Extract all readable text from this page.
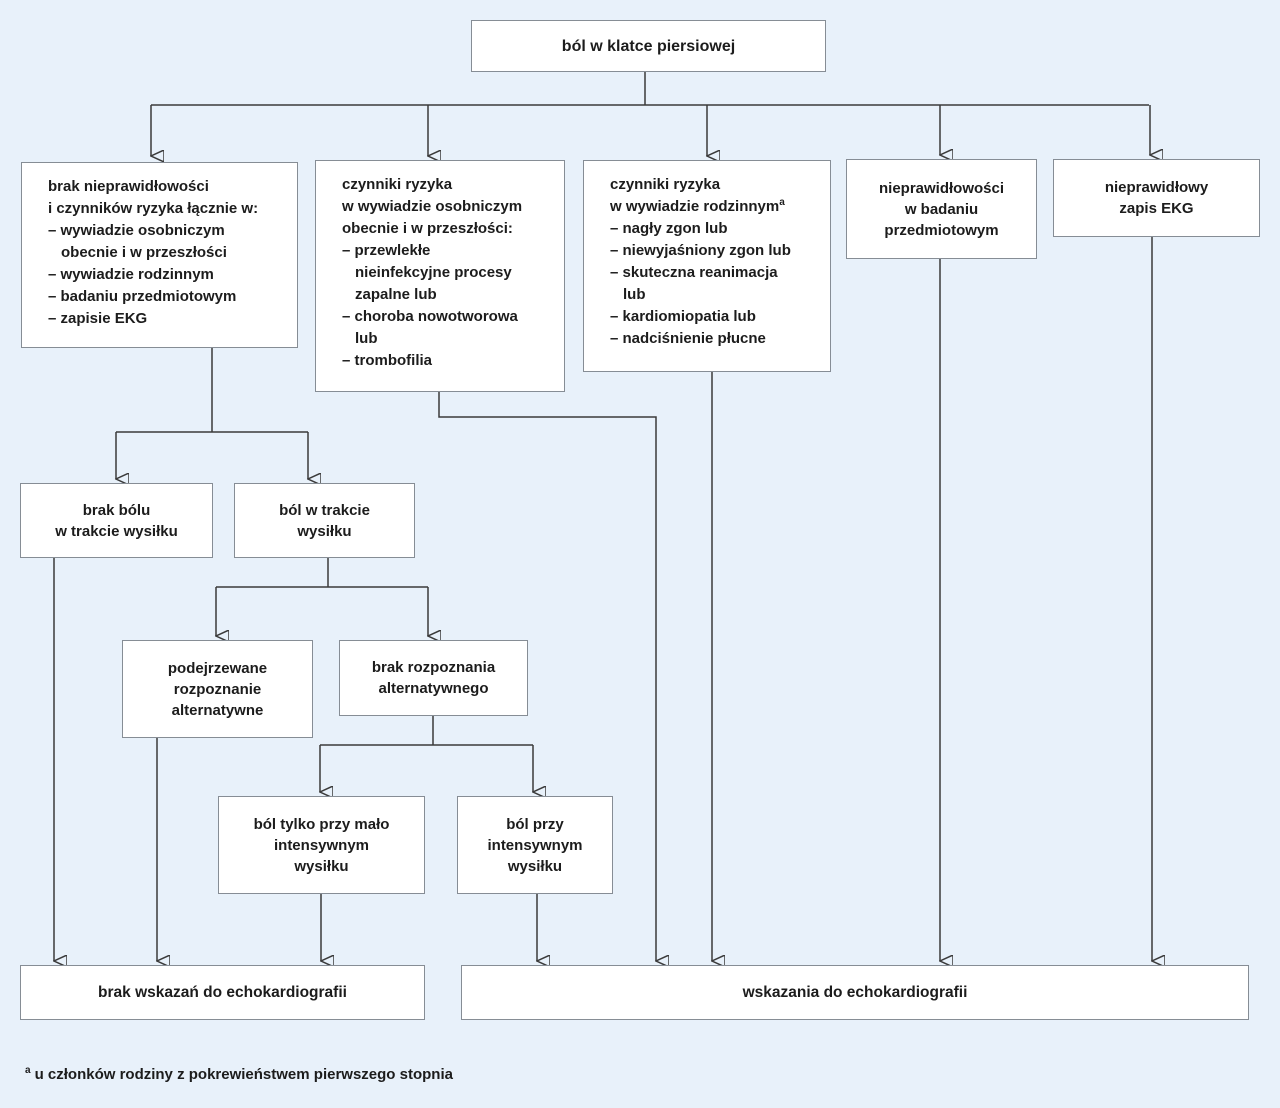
ból w klatce piersiowej
brak nieprawidłowości
i czynników ryzyka łącznie w:
– wywiadzie osobniczym
obecnie i w przeszłości
– wywiadzie rodzinnym
– badaniu przedmiotowym
– zapisie EKG
czynniki ryzyka
w wywiadzie osobniczym
obecnie i w przeszłości:
– przewlekłe
nieinfekcyjne procesy
zapalne lub
– choroba nowotworowa
lub
– trombofilia
czynniki ryzyka
w wywiadzie rodzinnym$^a$
– nagły zgon lub
– niewyjaśniony zgon lub
– skuteczna reanimacja
lub
– kardiomiopatia lub
– nadciśnienie płucne
nieprawidłowości
w badaniu
przedmiotowym
nieprawidłowy
zapis EKG
brak bólu
w trakcie wysiłku
ból w trakcie
wysiłku
podejrzewane
rozpoznanie
alternatywne
brak rozpoznania
alternatywnego
ból tylko przy mało
intensywnym
wysiłku
ból przy
intensywnym
wysiłku
brak wskazań do echokardiografii	wskazania do echokardiografii
$^a$ u członków rodziny z pokrewieństwem pierwszego stopnia
